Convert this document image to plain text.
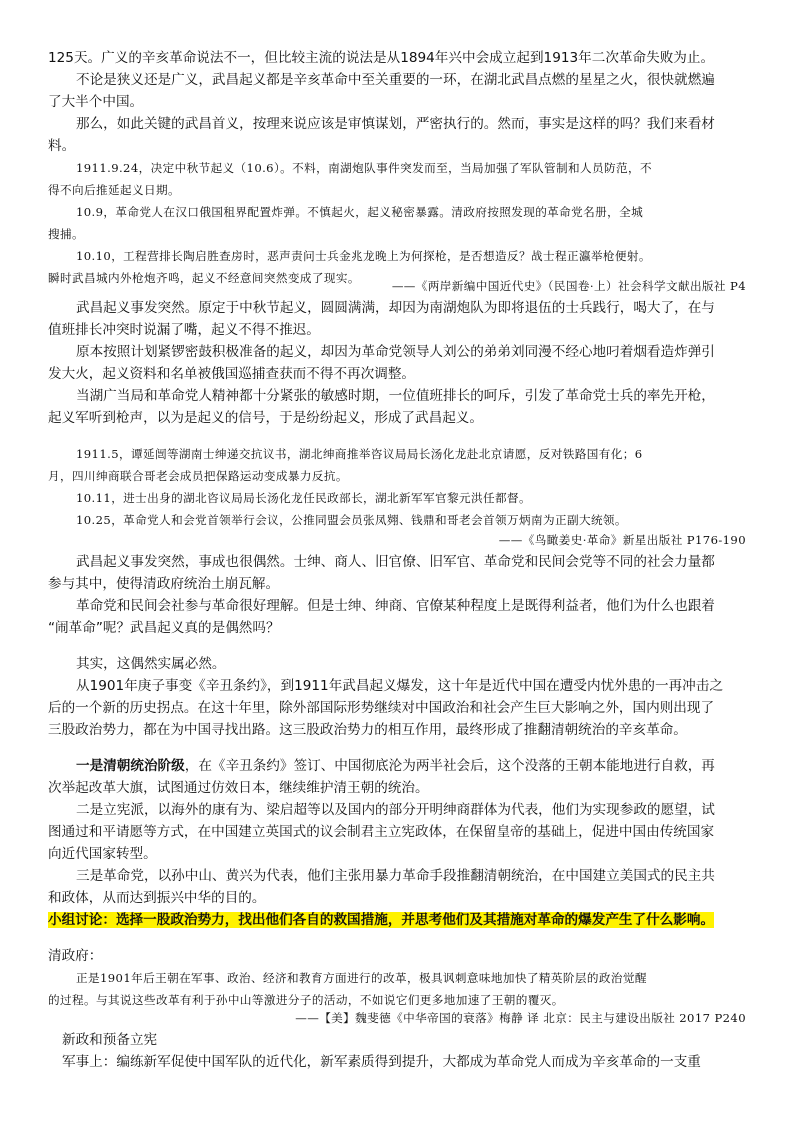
125天。广义的辛亥革命说法不一，但比较主流的说法是从1894年兴中会成立起到1913年二次革命失败为止。
不论是狭义还是广义，武昌起义都是辛亥革命中至关重要的一环，在湖北武昌点燃的星星之火，很快就燃遍
了大半个中国。
那么，如此关键的武昌首义，按理来说应该是审慎谋划，严密执行的。然而，事实是这样的吗？我们来看材
料。
1911.9.24，决定中秋节起义（10.6）。不料，南湖炮队事件突发而至，当局加强了军队管制和人员防范，不
得不向后推延起义日期。
10.9，革命党人在汉口俄国租界配置炸弹。不慎起火，起义秘密暴露。清政府按照发现的革命党名册，全城
搜捕。
10.10，工程营排长陶启胜查房时，恶声责问士兵金兆龙晚上为何探枪，是否想造反？战士程正瀛举枪便射。
瞬时武昌城内外枪炮齐鸣，起义不经意间突然变成了现实。
——《两岸新编中国近代史》（民国卷·上）社会科学文献出版社 P4
武昌起义事发突然。原定于中秋节起义，圆圆满满，却因为南湖炮队为即将退伍的士兵践行，喝大了，在与
值班排长冲突时说漏了嘴，起义不得不推迟。
原本按照计划紧锣密鼓积极准备的起义，却因为革命党领导人刘公的弟弟刘同漫不经心地叼着烟看造炸弹引
发大火，起义资料和名单被俄国巡捕查获而不得不再次调整。
当湖广当局和革命党人精神都十分紧张的敏感时期，一位值班排长的呵斥，引发了革命党士兵的率先开枪，
起义军听到枪声，以为是起义的信号，于是纷纷起义，形成了武昌起义。
1911.5，谭延闿等湖南士绅递交抗议书，湖北绅商推举咨议局局长汤化龙赴北京请愿，反对铁路国有化；6
月，四川绅商联合哥老会成员把保路运动变成暴力反抗。
10.11，进士出身的湖北咨议局局长汤化龙任民政部长，湖北新军军官黎元洪任都督。
10.25，革命党人和会党首领举行会议，公推同盟会员张凤翙、钱鼎和哥老会首领万炳南为正副大统领。
——《鸟瞰姜史·革命》新星出版社 P176-190
武昌起义事发突然，事成也很偶然。士绅、商人、旧官僚、旧军官、革命党和民间会党等不同的社会力量都
参与其中，使得清政府统治土崩瓦解。
革命党和民间会社参与革命很好理解。但是士绅、绅商、官僚某种程度上是既得利益者，他们为什么也跟着
“闹革命”呢？武昌起义真的是偶然吗？
其实，这偶然实属必然。
从1901年庚子事变《辛丑条约》，到1911年武昌起义爆发，这十年是近代中国在遭受内忧外患的一再冲击之
后的一个新的历史拐点。在这十年里，除外部国际形势继续对中国政治和社会产生巨大影响之外，国内则出现了
三股政治势力，都在为中国寻找出路。这三股政治势力的相互作用，最终形成了推翻清朝统治的辛亥革命。
一是清朝统治阶级，在《辛丑条约》签订、中国彻底沦为两半社会后，这个没落的王朝本能地进行自救，再
次举起改革大旗，试图通过仿效日本，继续维护清王朝的统治。
二是立宪派，以海外的康有为、梁启超等以及国内的部分开明绅商群体为代表，他们为实现参政的愿望，试
图通过和平请愿等方式，在中国建立英国式的议会制君主立宪政体，在保留皇帝的基础上，促进中国由传统国家
向近代国家转型。
三是革命党，以孙中山、黄兴为代表，他们主张用暴力革命手段推翻清朝统治，在中国建立美国式的民主共
和政体，从而达到振兴中华的目的。
小组讨论：选择一股政治势力，找出他们各自的救国措施，并思考他们及其措施对革命的爆发产生了什么影响。
清政府：
正是1901年后王朝在军事、政治、经济和教育方面进行的改革，极具讽刺意味地加快了精英阶层的政治觉醒
的过程。与其说这些改革有利于孙中山等激进分子的活动，不如说它们更多地加速了王朝的覆灭。
——【美】魏斐德《中华帝国的衰落》梅静 译 北京：民主与建设出版社 2017 P240
新政和预备立宪
军事上：编练新军促使中国军队的近代化，新军素质得到提升，大都成为革命党人而成为辛亥革命的一支重
